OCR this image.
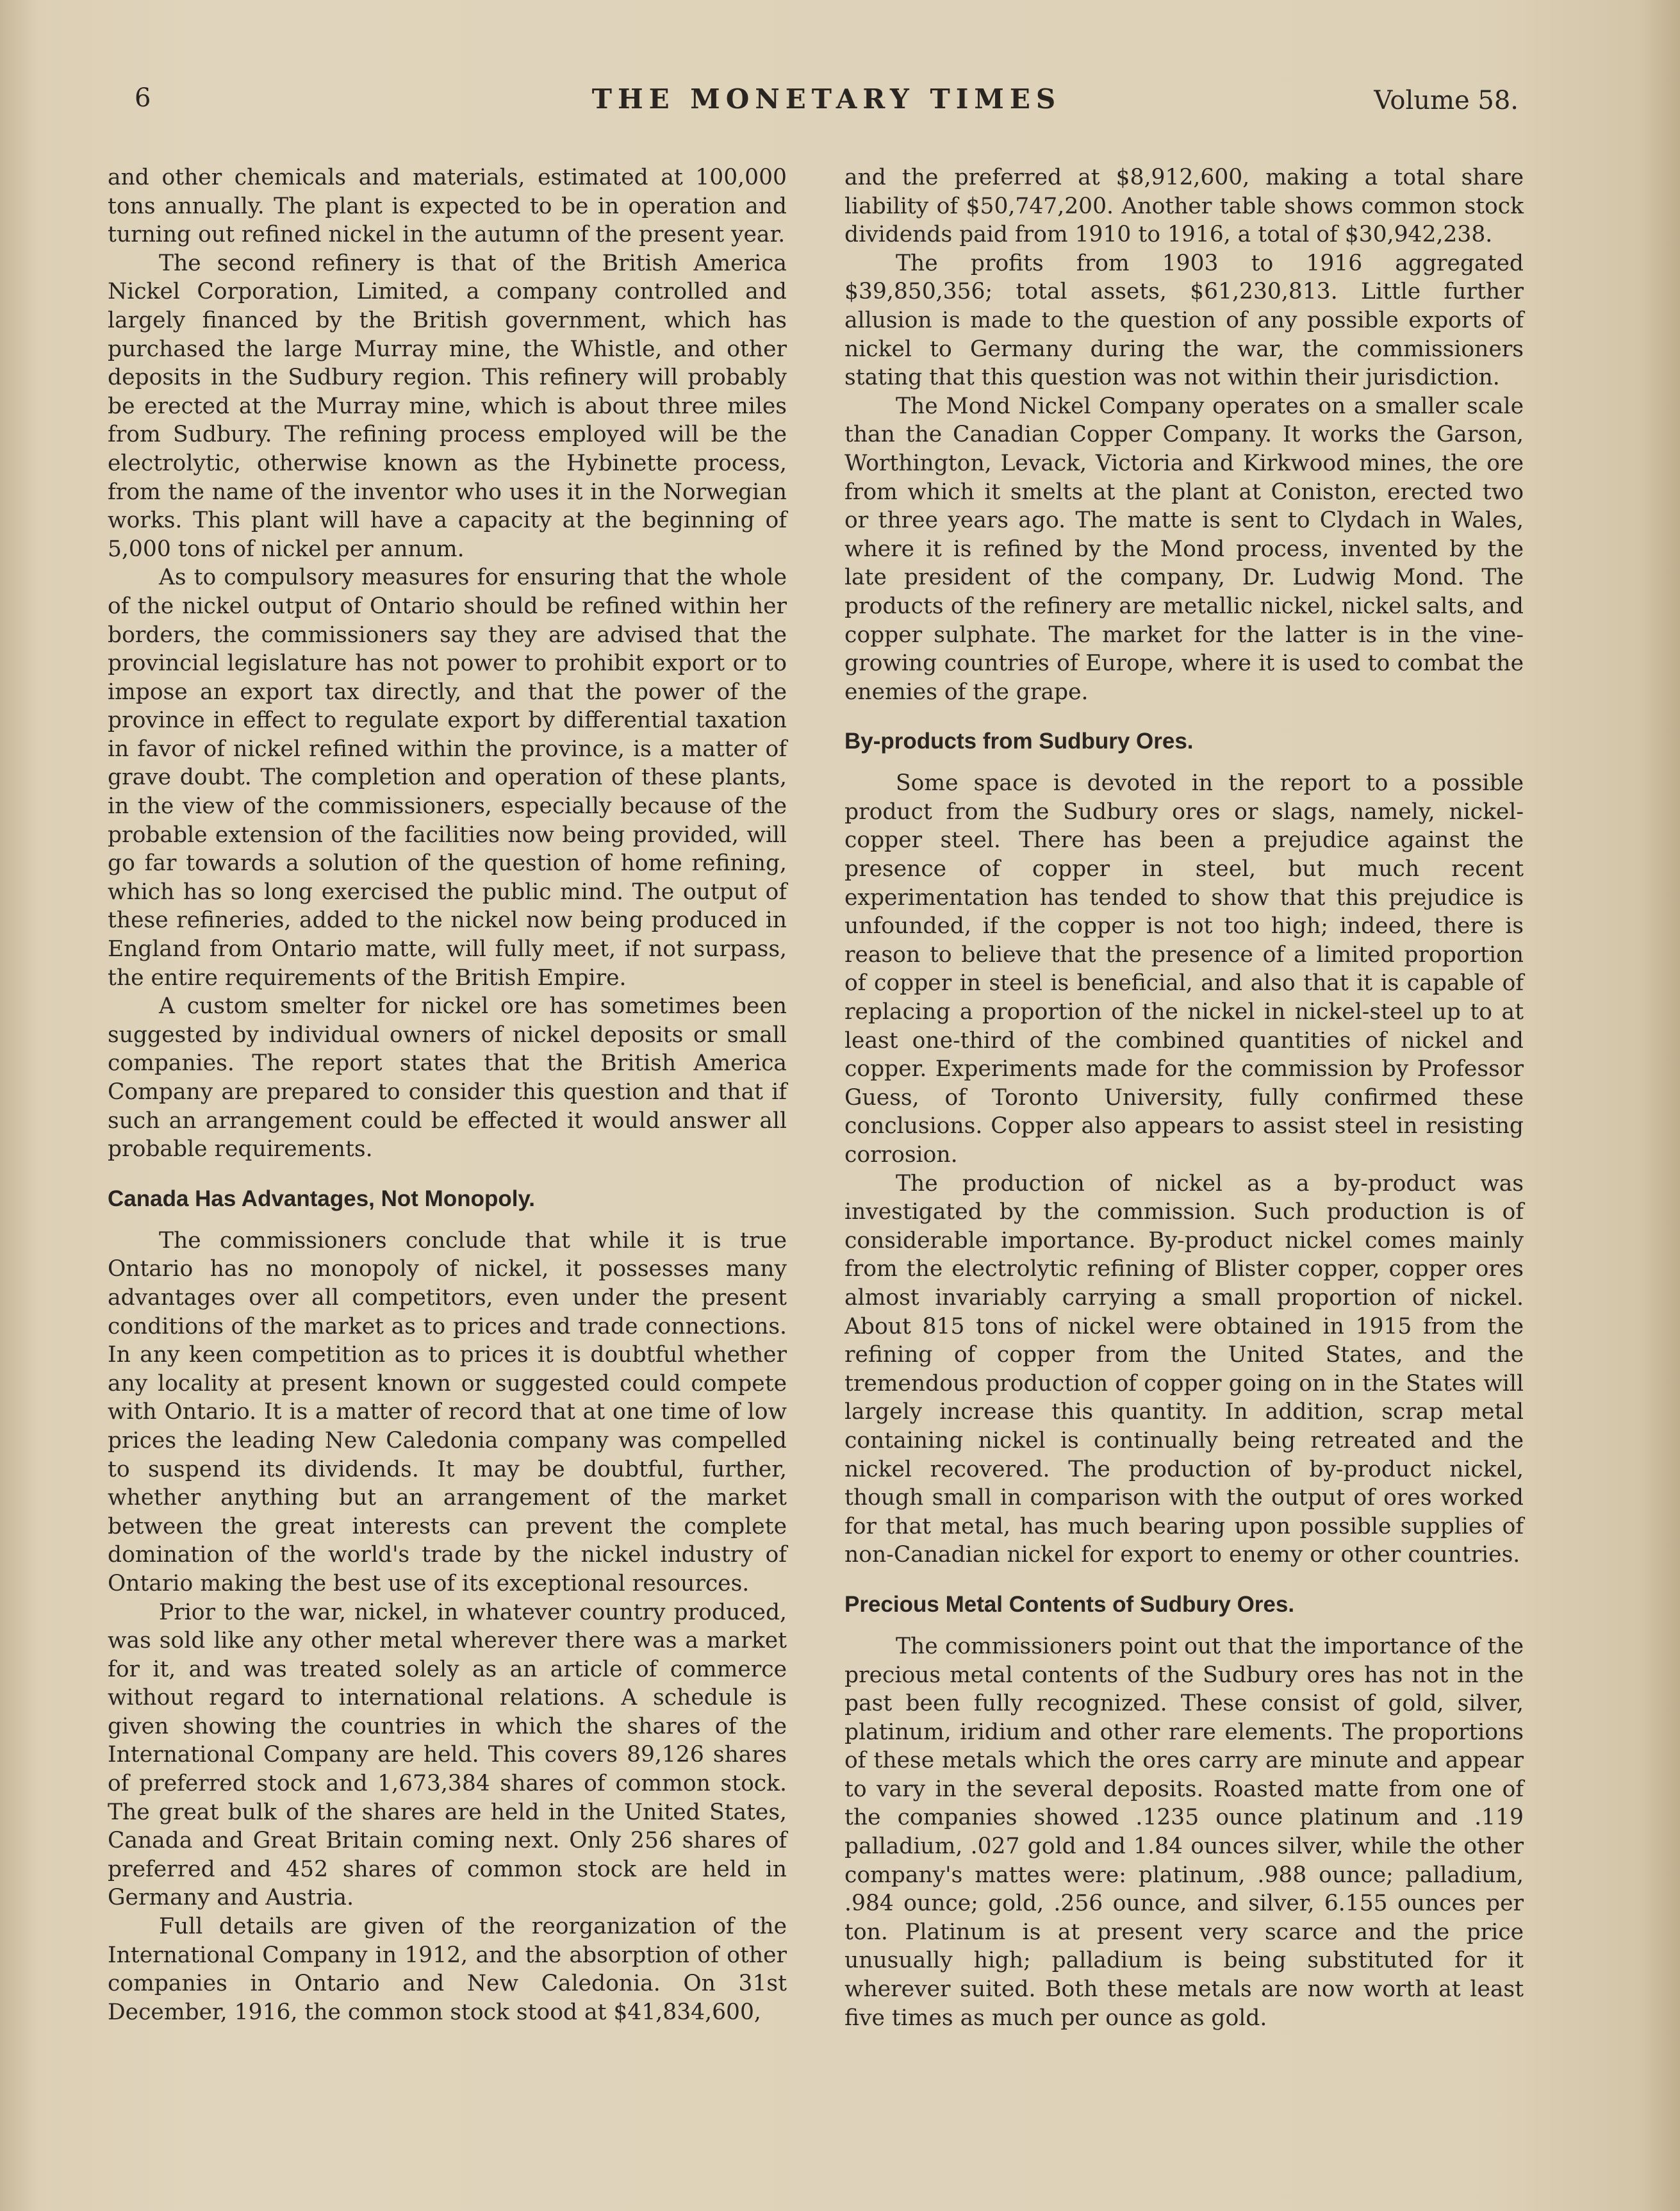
6	THE MONETARY TIMES	Volume 58.

and other chemicals and materials, estimated at 100,000 tons annually. The plant is expected to be in operation and turning out refined nickel in the autumn of the present year.

The second refinery is that of the British America Nickel Corporation, Limited, a company controlled and largely financed by the British government, which has purchased the large Murray mine, the Whistle, and other deposits in the Sudbury region. This refinery will probably be erected at the Murray mine, which is about three miles from Sudbury. The refining process employed will be the electrolytic, otherwise known as the Hybinette process, from the name of the inventor who uses it in the Norwegian works. This plant will have a capacity at the beginning of 5,000 tons of nickel per annum.

As to compulsory measures for ensuring that the whole of the nickel output of Ontario should be refined within her borders, the commissioners say they are advised that the provincial legislature has not power to prohibit export or to impose an export tax directly, and that the power of the province in effect to regulate export by differential taxation in favor of nickel refined within the province, is a matter of grave doubt. The completion and operation of these plants, in the view of the commissioners, especially because of the probable extension of the facilities now being provided, will go far towards a solution of the question of home refining, which has so long exercised the public mind. The output of these refineries, added to the nickel now being produced in England from Ontario matte, will fully meet, if not surpass, the entire requirements of the British Empire.

A custom smelter for nickel ore has sometimes been suggested by individual owners of nickel deposits or small companies. The report states that the British America Company are prepared to consider this question and that if such an arrangement could be effected it would answer all probable requirements.

Canada Has Advantages, Not Monopoly.

The commissioners conclude that while it is true Ontario has no monopoly of nickel, it possesses many advantages over all competitors, even under the present conditions of the market as to prices and trade connections. In any keen competition as to prices it is doubtful whether any locality at present known or suggested could compete with Ontario. It is a matter of record that at one time of low prices the leading New Caledonia company was compelled to suspend its dividends. It may be doubtful, further, whether anything but an arrangement of the market between the great interests can prevent the complete domination of the world's trade by the nickel industry of Ontario making the best use of its exceptional resources.

Prior to the war, nickel, in whatever country produced, was sold like any other metal wherever there was a market for it, and was treated solely as an article of commerce without regard to international relations. A schedule is given showing the countries in which the shares of the International Company are held. This covers 89,126 shares of preferred stock and 1,673,384 shares of common stock. The great bulk of the shares are held in the United States, Canada and Great Britain coming next. Only 256 shares of preferred and 452 shares of common stock are held in Germany and Austria.

Full details are given of the reorganization of the International Company in 1912, and the absorption of other companies in Ontario and New Caledonia. On 31st December, 1916, the common stock stood at $41,834,600,

and the preferred at $8,912,600, making a total share liability of $50,747,200. Another table shows common stock dividends paid from 1910 to 1916, a total of $30,942,238.

The profits from 1903 to 1916 aggregated $39,850,356; total assets, $61,230,813. Little further allusion is made to the question of any possible exports of nickel to Germany during the war, the commissioners stating that this question was not within their jurisdiction.

The Mond Nickel Company operates on a smaller scale than the Canadian Copper Company. It works the Garson, Worthington, Levack, Victoria and Kirkwood mines, the ore from which it smelts at the plant at Coniston, erected two or three years ago. The matte is sent to Clydach in Wales, where it is refined by the Mond process, invented by the late president of the company, Dr. Ludwig Mond. The products of the refinery are metallic nickel, nickel salts, and copper sulphate. The market for the latter is in the vine-growing countries of Europe, where it is used to combat the enemies of the grape.

By-products from Sudbury Ores.

Some space is devoted in the report to a possible product from the Sudbury ores or slags, namely, nickel-copper steel. There has been a prejudice against the presence of copper in steel, but much recent experimentation has tended to show that this prejudice is unfounded, if the copper is not too high; indeed, there is reason to believe that the presence of a limited proportion of copper in steel is beneficial, and also that it is capable of replacing a proportion of the nickel in nickel-steel up to at least one-third of the combined quantities of nickel and copper. Experiments made for the commission by Professor Guess, of Toronto University, fully confirmed these conclusions. Copper also appears to assist steel in resisting corrosion.

The production of nickel as a by-product was investigated by the commission. Such production is of considerable importance. By-product nickel comes mainly from the electrolytic refining of Blister copper, copper ores almost invariably carrying a small proportion of nickel. About 815 tons of nickel were obtained in 1915 from the refining of copper from the United States, and the tremendous production of copper going on in the States will largely increase this quantity. In addition, scrap metal containing nickel is continually being retreated and the nickel recovered. The production of by-product nickel, though small in comparison with the output of ores worked for that metal, has much bearing upon possible supplies of non-Canadian nickel for export to enemy or other countries.

Precious Metal Contents of Sudbury Ores.

The commissioners point out that the importance of the precious metal contents of the Sudbury ores has not in the past been fully recognized. These consist of gold, silver, platinum, iridium and other rare elements. The proportions of these metals which the ores carry are minute and appear to vary in the several deposits. Roasted matte from one of the companies showed .1235 ounce platinum and .119 palladium, .027 gold and 1.84 ounces silver, while the other company's mattes were: platinum, .988 ounce; palladium, .984 ounce; gold, .256 ounce, and silver, 6.155 ounces per ton. Platinum is at present very scarce and the price unusually high; palladium is being substituted for it wherever suited. Both these metals are now worth at least five times as much per ounce as gold.
